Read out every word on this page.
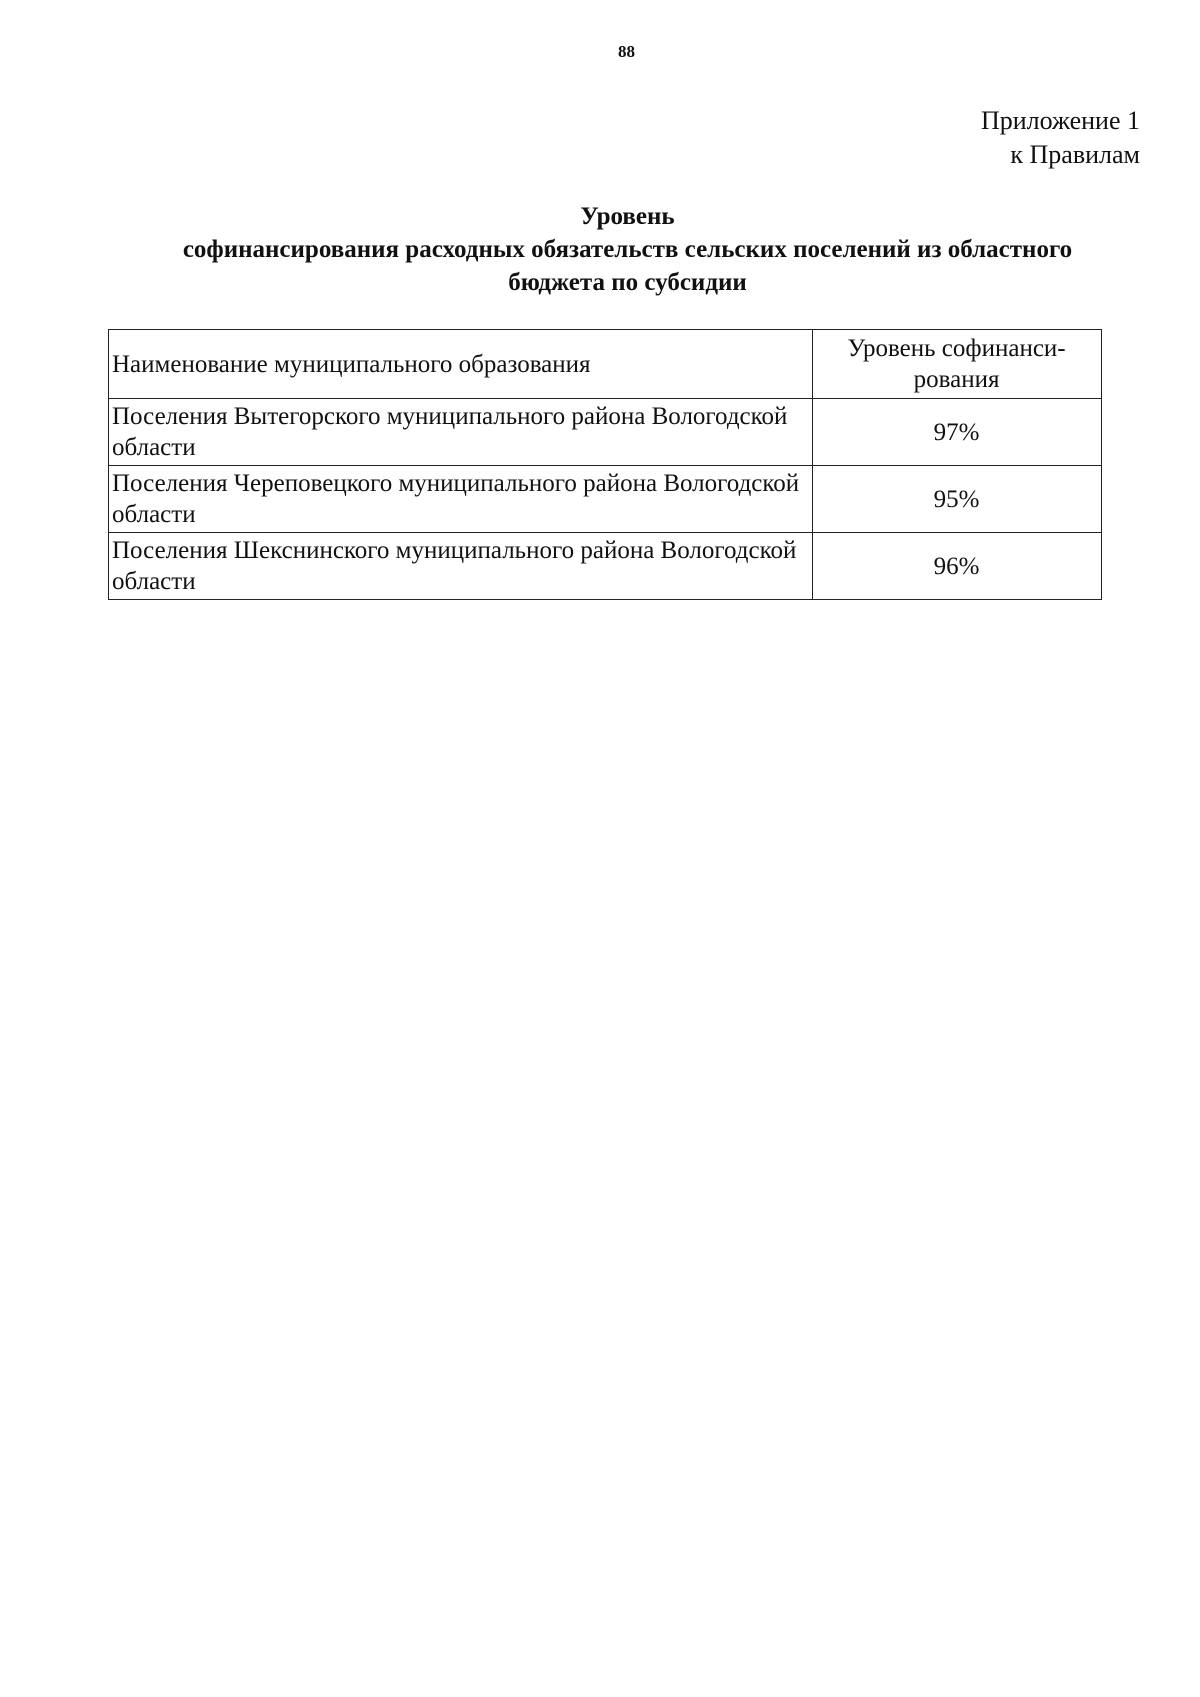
88
Приложение 1
к Правилам
Уровень
софинансирования расходных обязательств сельских поселений из областного
бюджета по субсидии
Наименование муниципального образования	Уровень софинанси-рования
Поселения Вытегорского муниципального района Вологодской области	97%
Поселения Череповецкого муниципального района Вологодской области	95%
Поселения Шекснинского муниципального района Вологодской области	96%
